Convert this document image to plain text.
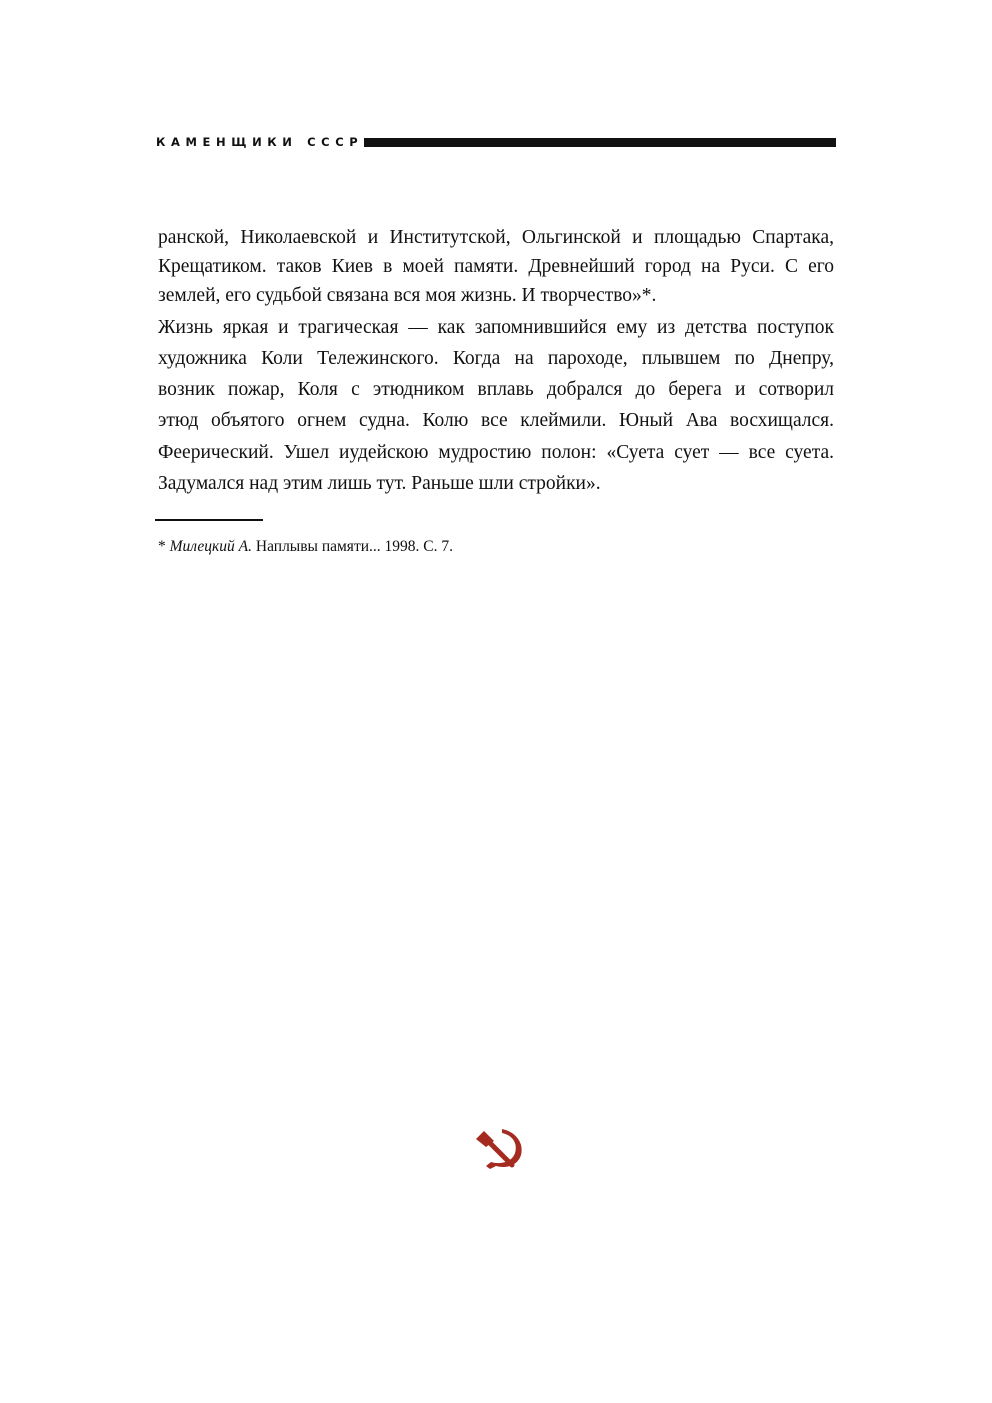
КАМЕНЩИКИ СССР
ранской, Николаевской и Институтской, Ольгинской и площадью Спартака,
Крещатиком. таков Киев в моей памяти. Древнейший город на Руси. С его
землей, его судьбой связана вся моя жизнь. И творчество»*.
Жизнь яркая и трагическая — как запомнившийся ему из детства поступок
художника Коли Тележинского. Когда на пароходе, плывшем по Днепру,
возник пожар, Коля с этюдником вплавь добрался до берега и сотворил
этюд объятого огнем судна. Колю все клеймили. Юный Ава восхищался.
Феерический. Ушел иудейскою мудростию полон: «Суета сует — все суета.
Задумался над этим лишь тут. Раньше шли стройки».
* Милецкий А. Наплывы памяти... 1998. С. 7.
